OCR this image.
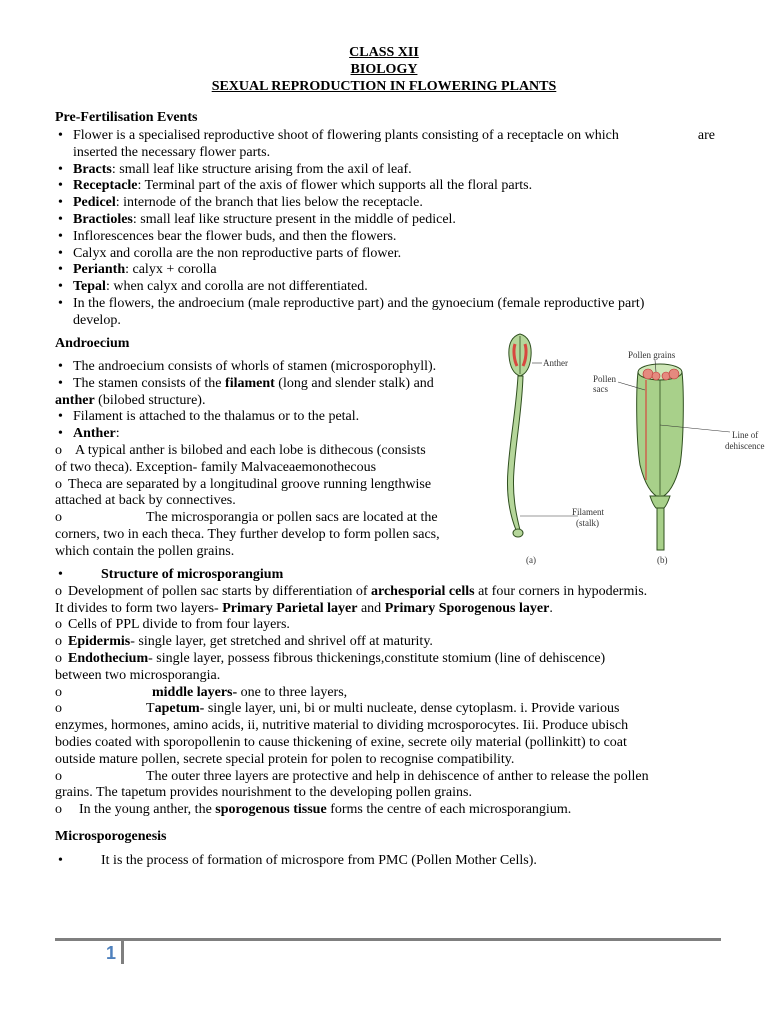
CLASS XII
BIOLOGY
SEXUAL REPRODUCTION IN FLOWERING PLANTS
Pre-Fertilisation Events
• Flower is a specialised reproductive shoot of flowering plants consisting of a receptacle on which	are

inserted the necessary flower parts.
• Bracts: small leaf like structure arising from the axil of leaf.
• Receptacle: Terminal part of the axis of flower which supports all the floral parts.
• Pedicel: internode of the branch that lies below the receptacle.
• Bractioles: small leaf like structure present in the middle of pedicel.
• Inflorescences bear the flower buds, and then the flowers.
• Calyx and corolla are the non reproductive parts of flower.
• Perianth: calyx + corolla
• Tepal: when calyx and corolla are not differentiated.
• In the flowers, the androecium (male reproductive part) and the gynoecium (female reproductive part)
develop.
Androecium
• The androecium consists of whorls of stamen (microsporophyll).
• The stamen consists of the filament (long and slender stalk) and
anther (bilobed structure).
• Filament is attached to the thalamus or to the petal.
• Anther:
o A typical anther is bilobed and each lobe is dithecous (consists
of two theca). Exception- family Malvaceaemonothecous
o Theca are separated by a longitudinal groove running lengthwise
attached at back by connectives.
o	The microsporangia or pollen sacs are located at the
corners, two in each theca. They further develop to form pollen sacs,
which contain the pollen grains.
Anther
Filament
(stalk)
(a)
Pollen grains
Pollen
sacs
Line of
dehiscence
(b)
• Structure of microsporangium
o Development of pollen sac starts by differentiation of archesporial cells at four corners in hypodermis.
It divides to form two layers- Primary Parietal layer and Primary Sporogenous layer.
o Cells of PPL divide to from four layers.
o Epidermis- single layer, get stretched and shrivel off at maturity.
o Endothecium- single layer, possess fibrous thickenings,constitute stomium (line of dehiscence)
between two microsporangia.
o	middle layers- one to three layers,
o	Tapetum- single layer, uni, bi or multi nucleate, dense cytoplasm. i. Provide various
enzymes, hormones, amino acids, ii, nutritive material to dividing mcrosporocytes. Iii. Produce ubisch
bodies coated with sporopollenin to cause thickening of exine, secrete oily material (pollinkitt) to coat
outside mature pollen, secrete special protein for polen to recognise compatibility.
o	The outer three layers are protective and help in dehiscence of anther to release the pollen
grains. The tapetum provides nourishment to the developing pollen grains.
o In the young anther, the sporogenous tissue forms the centre of each microsporangium.
Microsporogenesis
• It is the process of formation of microspore from PMC (Pollen Mother Cells).
1
